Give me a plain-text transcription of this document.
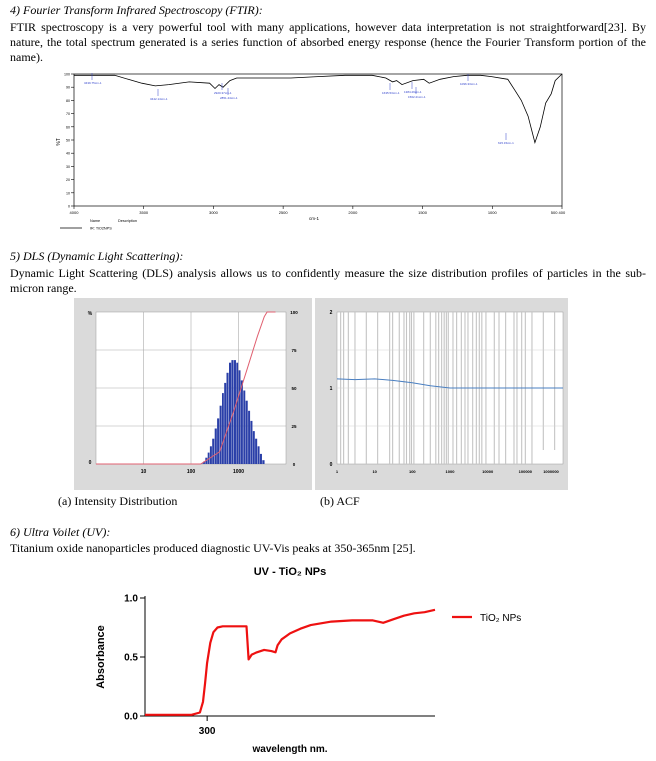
4) Fourier Transform Infrared Spectroscopy (FTIR):
FTIR spectroscopy is a very powerful tool with many applications, however data interpretation is not straightforward[23]. By nature, the total spectrum generated is a series function of absorbed energy response (hence the Fourier Transform portion of the name).
100
90
80
70
60
50
40
30
20
10
0
4000	3500	3000	2500	2000	1500	1000	500 400
cm-1
%T
3439.75cm-1
3442.14cm-1
2920.37cm-1
2851.44cm-1
1635.53cm-1
1562.21cm-1
1384.29cm-1
1096.33cm-1
615.15cm-1
Name	Description
IR: TiO2NPS
5) DLS (Dynamic Light Scattering):
Dynamic Light Scattering (DLS) analysis allows us to confidently measure the size distribution profiles of particles in the sub-micron range.
10	100	1000
100
75
50
25
0
%
0
2
1
0
1	10	100	1000	10000	100000	1000000
(a) Intensity Distribution	(b) ACF
6) Ultra Voilet (UV):
Titanium oxide nanoparticles produced diagnostic UV-Vis peaks at 350-365nm [25].
UV - TiO₂ NPs
1.0
0.5
0.0
300
wavelength nm.
Absorbance
TiO₂ NPs
